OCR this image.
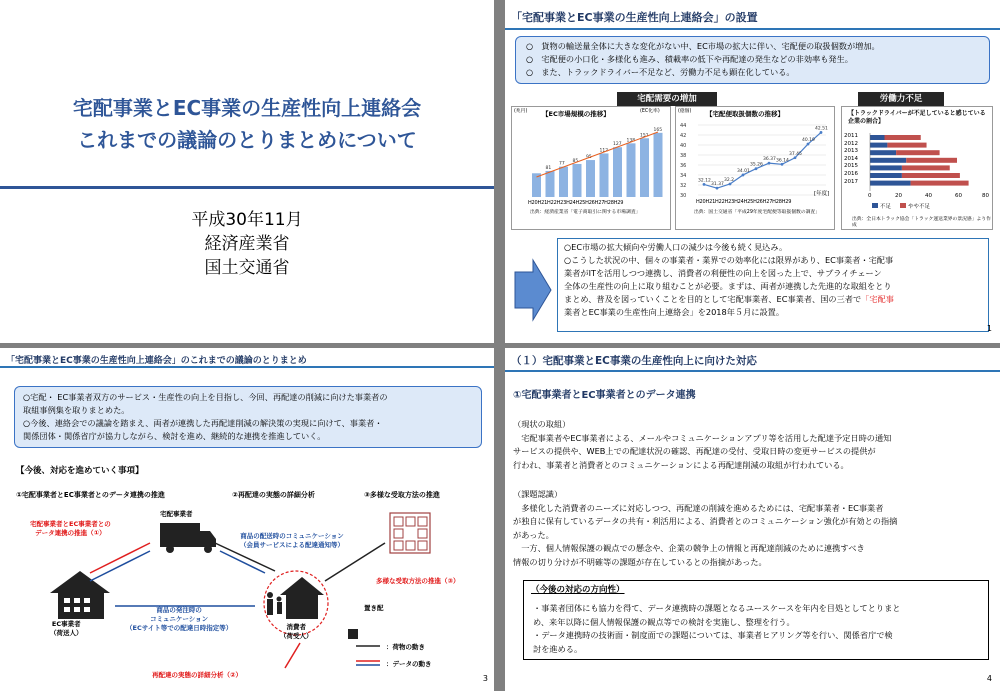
宅配事業とEC事業の生産性向上連絡会
これまでの議論のとりまとめについて
平成30年11月
経済産業省
国土交通省
「宅配事業とEC事業の生産性向上連絡会」の設置
○　貨物の輸送量全体に大きな変化がない中、EC市場の拡大に伴い、宅配便の取扱個数が増加。
○　宅配便の小口化・多様化も進み、積載率の低下や再配達の発生などの非効率も発生。
○　また、トラックドライバー不足など、労働力不足も顕在化している。
宅配需要の増加	労働力不足
【EC市場規模の推移】
(兆円)	(EC化率)
81
77
85
95
112
127
138
151
165
H20H21H22H23H24H25H26H27H28H29
出典：経済産業省「電子商取引に関する市場調査」
【宅配便取扱個数の推移】
(億個)
30
32
34
36
38
40
42
44
32.12
31.37
32.2
34.01
35.26
36.37 36.14
37.45
40.19
42.51
H20H21H22H23H24H25H26H27H28H29
[年度]
出典：国土交通省「平成29年度宅配便等取扱個数の調査」
【トラックドライバーが不足していると感じている企業の割合】
2011
2012
2013
2014
2015
2016
2017
0	20	40	60	80
不足	やや不足
出典：全日本トラック協会「トラック運送業界の景況感」より作成
○EC市場の拡大傾向や労働人口の減少は今後も続く見込み。
○こうした状況の中、個々の事業者・業界での効率化には限界があり、EC事業者・宅配事
業者がITを活用しつつ連携し、消費者の利便性の向上を図った上で、サプライチェーン
全体の生産性の向上に取り組むことが必要。まずは、両者が連携した先進的な取組をとり
まとめ、普及を図っていくことを目的として宅配事業者、EC事業者、国の三者で「宅配事
業者とEC事業の生産性向上連絡会」を2018年５月に設置。
1
「宅配事業とEC事業の生産性向上連絡会」のこれまでの議論のとりまとめ
○宅配・ EC事業者双方のサービス・生産性の向上を目指し、今回、再配達の削減に向けた事業者の
取組事例集を取りまとめた。
○今後、連絡会での議論を踏まえ、両者が連携した再配達削減の解決策の実現に向けて、事業者・
関係団体・関係省庁が協力しながら、検討を進め、継続的な連携を推進していく。
【今後、対応を進めていく事項】
①宅配事業者とEC事業者とのデータ連携の推進	②再配達の実態の詳細分析	③多様な受取方法の推進
宅配事業者
宅配事業者とEC事業者との
データ連携の推進（①）	商品の配送時のコミュニケーション
（会員サービスによる配達通知等）
多様な受取方法の推進（③）
置き配
EC事業者
（荷送人）
商品の発注時の
コミュニケーション
（ECサイト等での配達日時指定等）	消費者
（荷受人）
：荷物の動き
：データの動き
再配達の実態の詳細分析（②）	3
（１）宅配事業とEC事業の生産性向上に向けた対応
①宅配事業者とEC事業者とのデータ連携
（現状の取組）
　宅配事業者やEC事業者による、メールやコミュニケーションアプリ等を活用した配達予定日時の通知
サービスの提供や、WEB上での配達状況の確認、再配達の受付、受取日時の変更サービスの提供が
行われ、事業者と消費者とのコミュニケーションによる再配達削減の取組が行われている。
（課題認識）
　多様化した消費者のニーズに対応しつつ、再配達の削減を進めるためには、宅配事業者・EC事業者
が独自に保有しているデータの共有・利活用による、消費者とのコミュニケーション強化が有効との指摘
があった。
　一方、個人情報保護の観点での懸念や、企業の競争上の情報と再配達削減のために連携すべき
情報の切り分けが不明確等の課題が存在しているとの指摘があった。
（今後の対応の方向性）
・事業者団体にも協力を得て、データ連携時の課題となるユースケースを年内を目処としてとりまと
め、来年以降に個人情報保護の観点等での検討を実施し、整理を行う。
・データ連携時の技術面・制度面での課題については、事業者ヒアリング等を行い、関係省庁で検
討を進める。
4
